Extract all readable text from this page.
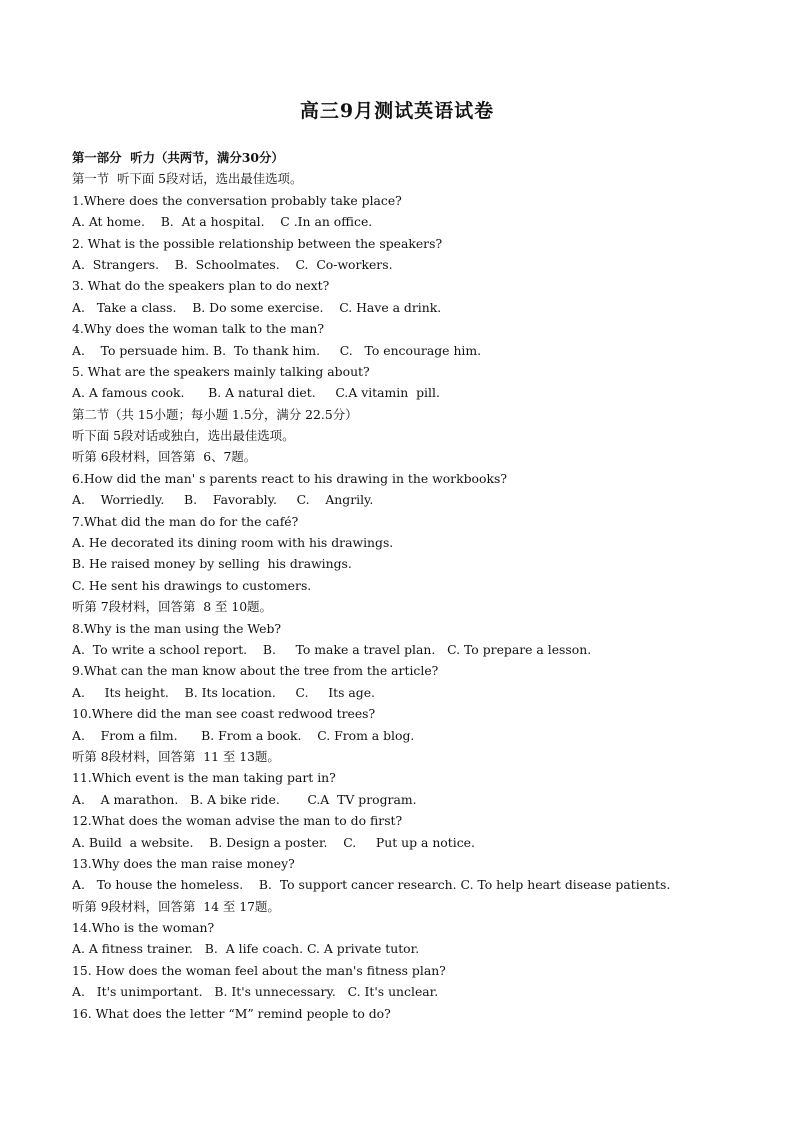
高三9月测试英语试卷
第一部分  听力（共两节，满分30分）
第一节  听下面 5段对话，选出最佳选项。
1.Where does the conversation probably take place?
A. At home.    B.  At a hospital.    C .In an office.
2. What is the possible relationship between the speakers?
A.  Strangers.    B.  Schoolmates.    C.  Co-workers.
3. What do the speakers plan to do next?
A.   Take a class.    B. Do some exercise.    C. Have a drink.
4.Why does the woman talk to the man?
A.    To persuade him. B.  To thank him.     C.   To encourage him.
5. What are the speakers mainly talking about?
A. A famous cook.      B. A natural diet.     C.A vitamin  pill.
第二节（共 15小题；每小题 1.5分，满分 22.5分）
听下面 5段对话或独白，选出最佳选项。
听第 6段材料，回答第  6、7题。
6.How did the man' s parents react to his drawing in the workbooks?
A.    Worriedly.     B.    Favorably.     C.    Angrily.
7.What did the man do for the café?
A. He decorated its dining room with his drawings.
B. He raised money by selling  his drawings.
C. He sent his drawings to customers.
听第 7段材料，回答第  8 至 10题。
8.Why is the man using the Web?
A.  To write a school report.    B.     To make a travel plan.   C. To prepare a lesson.
9.What can the man know about the tree from the article?
A.     Its height.    B. Its location.     C.     Its age.
10.Where did the man see coast redwood trees?
A.    From a film.      B. From a book.    C. From a blog.
听第 8段材料，回答第  11 至 13题。
11.Which event is the man taking part in?
A.    A marathon.   B. A bike ride.       C.A  TV program.
12.What does the woman advise the man to do first?
A. Build  a website.    B. Design a poster.    C.     Put up a notice.
13.Why does the man raise money?
A.   To house the homeless.    B.  To support cancer research. C. To help heart disease patients.
听第 9段材料，回答第  14 至 17题。
14.Who is the woman?
A. A fitness trainer.   B.  A life coach. C. A private tutor.
15. How does the woman feel about the man's fitness plan?
A.   It's unimportant.   B. It's unnecessary.   C. It's unclear.
16. What does the letter “M” remind people to do?
